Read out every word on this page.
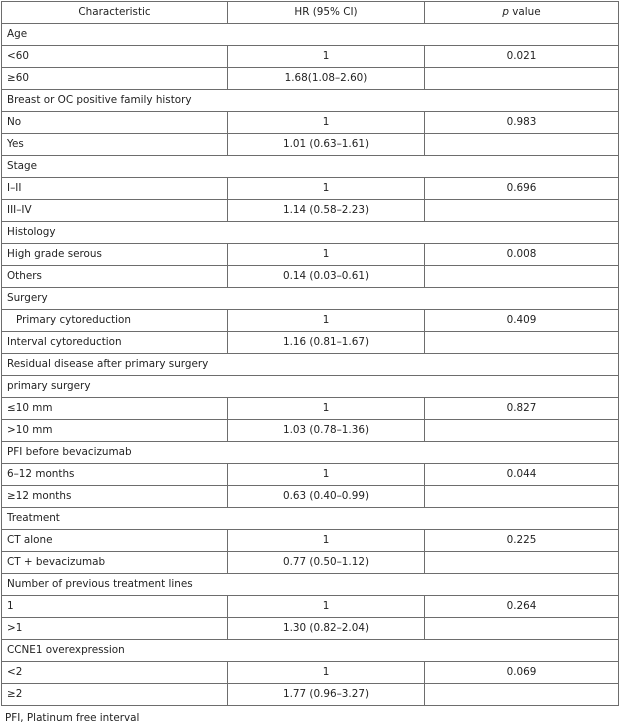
Characteristic	HR (95% CI)	p value
Age		
<60	1	0.021
≥60	1.68(1.08–2.60)	
Breast or OC positive family history		
No	1	0.983
Yes	1.01 (0.63–1.61)	
Stage		
I–II	1	0.696
III–IV	1.14 (0.58–2.23)	
Histology		
High grade serous	1	0.008
Others	0.14 (0.03–0.61)	
Surgery		
Primary cytoreduction	1	0.409
Interval cytoreduction	1.16 (0.81–1.67)	
Residual disease after primary surgery		
primary surgery		
≤10 mm	1	0.827
>10 mm	1.03 (0.78–1.36)	
PFI before bevacizumab		
6–12 months	1	0.044
≥12 months	0.63 (0.40–0.99)	
Treatment		
CT alone	1	0.225
CT + bevacizumab	0.77 (0.50–1.12)	
Number of previous treatment lines		
1	1	0.264
>1	1.30 (0.82–2.04)	
CCNE1 overexpression		
<2	1	0.069
≥2	1.77 (0.96–3.27)	
PFI, Platinum free interval
